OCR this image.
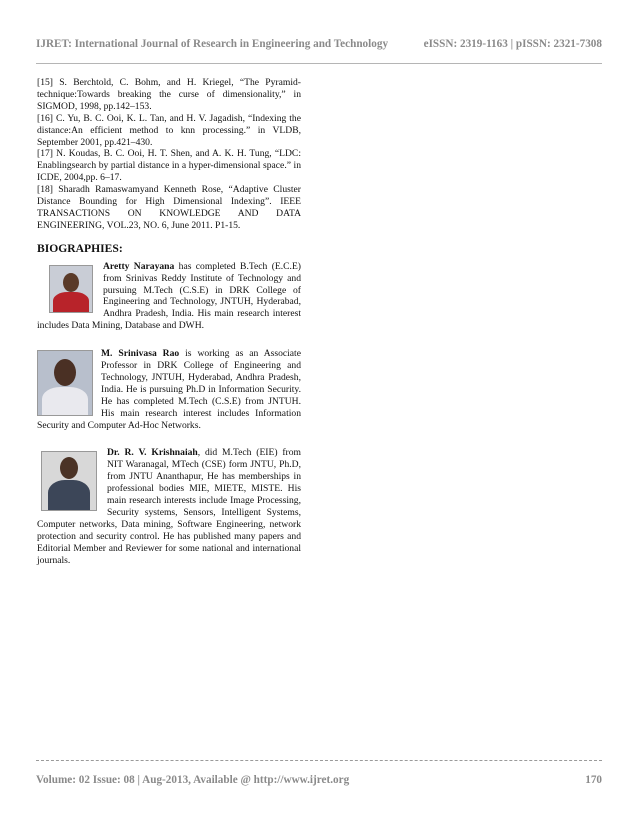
IJRET: International Journal of Research in Engineering and Technology	eISSN: 2319-1163 | pISSN: 2321-7308

[15] S. Berchtold, C. Bohm, and H. Kriegel, “The Pyramid-technique:Towards breaking the curse of dimensionality,” in SIGMOD, 1998, pp.142–153.

[16] C. Yu, B. C. Ooi, K. L. Tan, and H. V. Jagadish, “Indexing the distance:An efficient method to knn processing.” in VLDB, September 2001, pp.421–430.

[17] N. Koudas, B. C. Ooi, H. T. Shen, and A. K. H. Tung, “LDC: Enablingsearch by partial distance in a hyper-dimensional space.” in ICDE, 2004,pp. 6–17.

[18] Sharadh Ramaswamyand Kenneth Rose, “Adaptive Cluster Distance Bounding for High Dimensional Indexing”. IEEE TRANSACTIONS ON KNOWLEDGE AND DATA ENGINEERING, VOL.23, NO. 6, June 2011. P1-15.

BIOGRAPHIES:
Aretty Narayana has completed B.Tech (E.C.E) from Srinivas Reddy Institute of Technology and pursuing M.Tech (C.S.E) in DRK College of Engineering and Technology, JNTUH, Hyderabad, Andhra Pradesh, India. His main research interest includes Data Mining, Database and DWH.
M. Srinivasa Rao is working as an Associate Professor in DRK College of Engineering and Technology, JNTUH, Hyderabad, Andhra Pradesh, India. He is pursuing Ph.D in Information Security. He has completed M.Tech (C.S.E) from JNTUH. His main research interest includes Information Security and Computer Ad-Hoc Networks.
Dr. R. V. Krishnaiah, did M.Tech (EIE) from NIT Waranagal, MTech (CSE) form JNTU, Ph.D, from JNTU Ananthapur, He has memberships in professional bodies MIE, MIETE, MISTE. His main research interests include Image Processing, Security systems, Sensors, Intelligent Systems, Computer networks, Data mining, Software Engineering, network protection and security control. He has published many papers and Editorial Member and Reviewer for some national and international journals.
Volume: 02 Issue: 08 | Aug-2013, Available @ http://www.ijret.org	170
